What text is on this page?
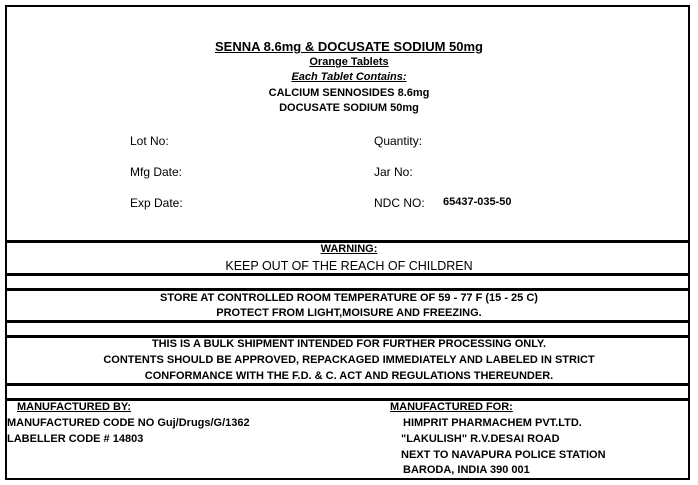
SENNA 8.6mg & DOCUSATE SODIUM 50mg
Orange Tablets
Each Tablet Contains:
CALCIUM SENNOSIDES 8.6mg
DOCUSATE SODIUM 50mg
Lot No:
Mfg Date:
Exp Date:
Quantity:
Jar No:
NDC NO: 65437-035-50
WARNING:
KEEP OUT OF THE REACH OF CHILDREN
STORE AT CONTROLLED ROOM TEMPERATURE OF 59 - 77 F (15 - 25 C)
PROTECT FROM LIGHT,MOISURE AND FREEZING.
THIS IS A BULK SHIPMENT INTENDED FOR FURTHER PROCESSING ONLY.
CONTENTS SHOULD BE APPROVED, REPACKAGED IMMEDIATELY AND LABELED IN STRICT
CONFORMANCE WITH THE F.D. & C. ACT AND REGULATIONS THEREUNDER.
MANUFACTURED BY:
MANUFACTURED CODE NO Guj/Drugs/G/1362
LABELLER CODE # 14803
MANUFACTURED FOR:
HIMPRIT PHARMACHEM PVT.LTD.
"LAKULISH" R.V.DESAI ROAD
NEXT TO NAVAPURA POLICE STATION
BARODA, INDIA 390 001
